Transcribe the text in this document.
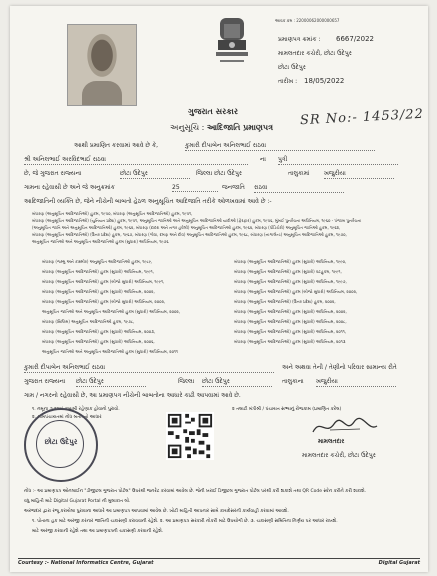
આવક ક્રમ : 22000062000000657
પ્રમાણપત્ર ક્રમાંક : 6667/2022
મામલતદાર કચેરી, છોટા ઉદેપુર
છોટા ઉદેપુર
તારીખ : 18/05/2022
SR No:- 1453/22
ગુજરાત સરકાર
અનુસૂચિ : આદિજાતિ પ્રમાણપત્ર
આથી પ્રમાણિત કરવામાં આવે છે કે,	કુમારી દીપાબેન અનિલભાઈ રાઠવા
શ્રી અનિલભાઈ અરવિંદભાઈ રાઠવા	ના પુત્રી
છે, જે ગુજરાત રાજ્યના	છોટા ઉદેપુર	જિલ્લા છોટા ઉદેપુર	તાલુકામાં ખજુરીયા
ગામના રહેવાસી છે અને જે અનુક્રમાંક	25	જનજાતિ રાઠવા
આદિજાતિની વ્યક્તિ છે, જેને નીચેની બાબતો હેઠળ અનુસૂચિત આદિજાતિ તરીકે ઓળખવામાં આવે છે :-
બંધારણ (અનુસૂચિત આદિજાતિઓ) હુકમ, ૧૯૫૦, બંધારણ (અનુસૂચિત આદિજાતિઓ) હુકમ, ૧૯૫૧,
બંધારણ (અનુસૂચિત આદિજાતિઓ) (યુનિયન પ્રદેશ) હુકમ, ૧૯૫૧, અનુસૂચિત જાતિઓ અને અનુસૂચિત આદિજાતિઓ યાદીઓ (ફેરફાર) હુકમ, ૧૯૫૬, મુંબઈ પુનર્રચના અધિનિયમ, ૧૯૬૦ - પંજાબ પુનર્રચના
(અનુસૂચિત જાતિ અને અનુસૂચિત આદિજાતિઓ) હુકમ, ૧૯૬૨, બંધારણ (દાદરા અને નગર હવેલી) અનુસૂચિત આદિજાતિઓ હુકમ, ૧૯૬૨, બંધારણ (પોંડિચેરી) અનુસૂચિત જાતિઓ હુકમ, ૧૯૬૪,
બંધારણ (અનુસૂચિત આદિજાતિઓ) (ઉત્તર પ્રદેશ) હુકમ, ૧૯૬૭, બંધારણ (ગોવા, દમણ અને દીવ) અનુસૂચિત આદિજાતિઓ હુકમ, ૧૯૬૮, બંધારણ (નાગાલેન્ડ) અનુસૂચિત આદિજાતિઓ હુકમ, ૧૯૭૦,
અનુસૂચિત જાતિઓ અને અનુસૂચિત આદિજાતિઓ હુકમ (સુધારા) અધિનિયમ, ૧૯૭૬
બંધારણ (જમ્મુ અને કાશ્મીર) અનુસૂચિત આદિજાતિઓ હુકમ, ૧૯૮૯,
બંધારણ (અનુસૂચિત આદિજાતિઓ) હુકમ (સુધારો) અધિનિયમ, ૧૯૯૧,
બંધારણ (અનુસૂચિત આદિજાતિઓ) હુકમ (બીજો સુધારો) અધિનિયમ, ૧૯૯૧,
બંધારણ (અનુસૂચિત આદિજાતિઓ) હુકમ (સુધારો) અધિનિયમ, ૨૦૦૨,
બંધારણ (અનુસૂચિત આદિજાતિઓ) હુકમ (બીજો સુધારો) અધિનિયમ, ૨૦૦૨,
અનુસૂચિત જાતિઓ અને અનુસૂચિત આદિજાતિઓ હુકમ (સુધારો) અધિનિયમ, ૨૦૦૨,
બંધારણ (સિક્કિમ) અનુસૂચિત આદિજાતિઓ હુકમ, ૧૯૭૮,
બંધારણ (અનુસૂચિત આદિજાતિઓ) હુકમ (સુધારો) અધિનિયમ, ૨૦૦૩,
બંધારણ (અનુસૂચિત આદિજાતિઓ) હુકમ (સુધારો) અધિનિયમ, ૨૦૦૬,
અનુસૂચિત જાતિઓ અને અનુસૂચિત આદિજાતિઓ હુકમ (સુધારો) અધિનિયમ, ૨૦૧૧
બંધારણ (અનુસૂચિત આદિજાતિઓ) હુકમ (સુધારો) અધિનિયમ, ૧૯૯૦,
બંધારણ (અનુસૂચિત આદિજાતિઓ) હુકમ (સુધારો) વટહુકમ, ૧૯૯૧,
બંધારણ (અનુસૂચિત આદિજાતિઓ) હુકમ (સુધારો) અધિનિયમ, ૧૯૯૭,
બંધારણ (અનુસૂચિત આદિજાતિઓ) હુકમ (બીજો સુધારો) અધિનિયમ, ૨૦૦૨,
બંધારણ (અનુસૂચિત આદિજાતિઓ) (ઉત્તર પ્રદેશ) હુકમ, ૨૦૦૨,
બંધારણ (અનુસૂચિત આદિજાતિઓ) હુકમ (સુધારો) અધિનિયમ, ૨૦૦૨,
બંધારણ (અનુસૂચિત આદિજાતિઓ) હુકમ (સુધારો) અધિનિયમ, ૨૦૦૮,
બંધારણ (અનુસૂચિત આદિજાતિઓ) હુકમ (સુધારો) અધિનિયમ, ૨૦૧૧,
બંધારણ (અનુસૂચિત આદિજાતિઓ) હુકમ (સુધારો) અધિનિયમ, ૨૦૧૩
કુમારી દીપાબેન અનિલભાઈ રાઠવા	અને અથવા તેની / તેણીનો પરિવાર સામાન્ય રીતે
ગુજરાત રાજ્યના છોટા ઉદેપુર	જિલ્લા છોટા ઉદેપુર	તાલુકાના ખજુરીયા
ગામ / નગરનો રહેવાસી છે, આ પ્રમાણપત્ર નીચેની બાબતોના આધારે કાઢી આપવામાં આવે છે.
૧. નમૂના ૭-૧૨માં કાયમી રહેણાક હોવાનો પુરાવો.
૨. ગ્રામપંચાયતમાં નોંધ બતાવતો આધાર
૨ તલાટી મંત્રીશ્રી / પંચાયત સભ્યનું રોજકામ (પ્રમાણિત કરેલ)
છોટા ઉદેપુર	મામલતદાર
મામલતદાર કચેરી, છોટા ઉદેપુર
નોંધ :- આ પ્રમાણપત્ર ઓનલાઈન "ડીજીટલ ગુજરાત પોર્ટલ" ઉપરથી જનરેટ કરવામાં આવેલ છે. જેની ખરાઈ ડિજીટલ ગુજરાત પોર્ટલ પરથી કરી શકાશે તથા QR Code સ્કેન કરીને કરી શકાશે.
વધુ માહિતી માટે Digital Gujarat Portal ની મુલાકાત લો.
અરજદાર દ્વારા રજૂ કરાયેલા પુરાવાના આધારે આ પ્રમાણપત્ર આપવામાં આવેલ છે. ખોટી માહિતી આપનાર સામે કાયદેસરની કાર્યવાહી કરવામાં આવશે.
૧. પોતાના હક માટે અરજી કરનાર જાતિની ચકાસણી કરાવવાની રહેશે. ૨. આ પ્રમાણપત્ર સરકારી નોકરી માટે ઉપયોગી છે. ૩. ચકાસણી સમિતિના નિર્ણય પર આધાર રાખશે.
માટે અરજી કરવાની રહેશે તથા આ પ્રમાણપત્રની ચકાસણી કરવાની રહેશે.
Courtesy :- National Informatics Centre, Gujarat	Digital Gujarat
